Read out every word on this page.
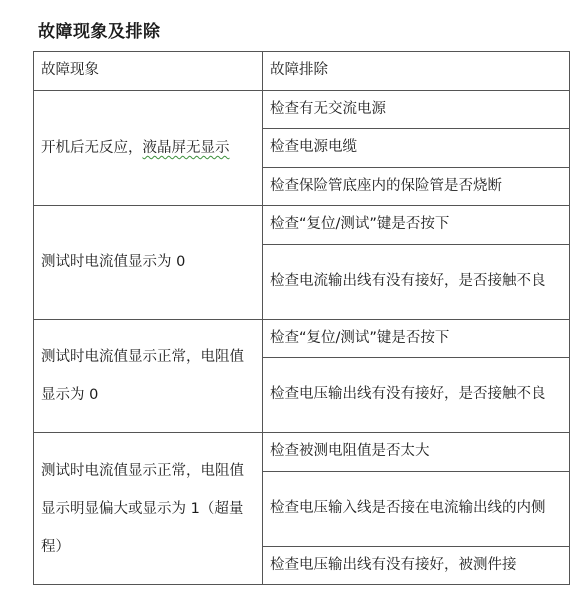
故障现象及排除
故障现象	故障排除
开机后无反应，液晶屏无显示	检查有无交流电源
	检查电源电缆
	检查保险管底座内的保险管是否烧断
测试时电流值显示为 0	检查“复位/测试”键是否按下
	检查电流输出线有没有接好，是否接触不良
测试时电流值显示正常，电阻值显示为 0	检查“复位/测试”键是否按下
	检查电压输出线有没有接好，是否接触不良
测试时电流值显示正常，电阻值显示明显偏大或显示为 1（超量程）	检查被测电阻值是否太大
	检查电压输入线是否接在电流输出线的内侧
	检查电压输出线有没有接好，被测件接
